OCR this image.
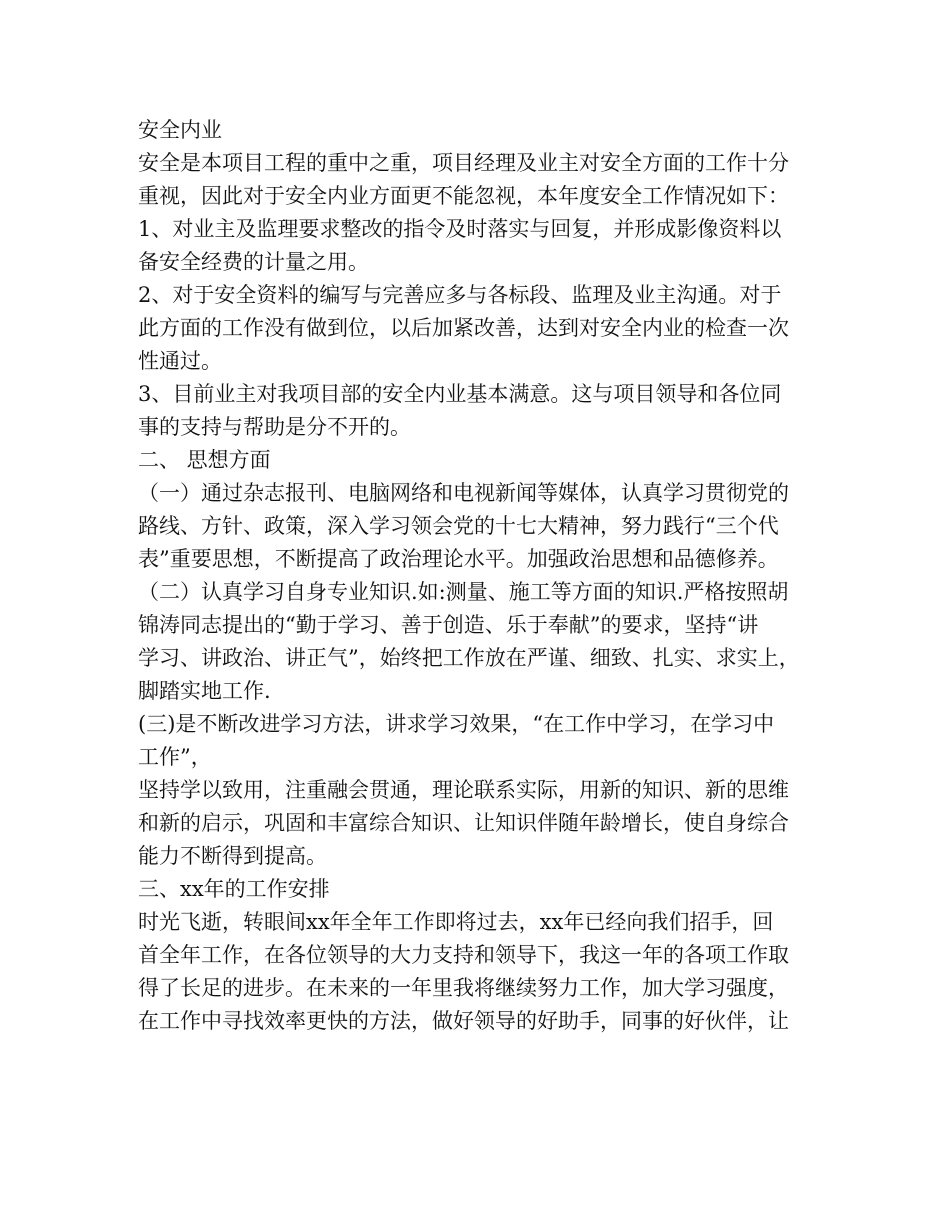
安全内业
安全是本项目工程的重中之重，项目经理及业主对安全方面的工作十分
重视，因此对于安全内业方面更不能忽视，本年度安全工作情况如下：
1、对业主及监理要求整改的指令及时落实与回复，并形成影像资料以
备安全经费的计量之用。
2、对于安全资料的编写与完善应多与各标段、监理及业主沟通。对于
此方面的工作没有做到位，以后加紧改善，达到对安全内业的检查一次
性通过。
3、目前业主对我项目部的安全内业基本满意。这与项目领导和各位同
事的支持与帮助是分不开的。
二、 思想方面
（一）通过杂志报刊、电脑网络和电视新闻等媒体，认真学习贯彻党的
路线、方针、政策，深入学习领会党的十七大精神，努力践行“三个代
表”重要思想，不断提高了政治理论水平。加强政治思想和品德修养。
（二）认真学习自身专业知识.如:测量、施工等方面的知识.严格按照胡
锦涛同志提出的“勤于学习、善于创造、乐于奉献”的要求，坚持“讲
学习、讲政治、讲正气”，始终把工作放在严谨、细致、扎实、求实上，
脚踏实地工作.
(三)是不断改进学习方法，讲求学习效果，“在工作中学习，在学习中
工作”，
坚持学以致用，注重融会贯通，理论联系实际，用新的知识、新的思维
和新的启示，巩固和丰富综合知识、让知识伴随年龄增长，使自身综合
能力不断得到提高。
三、xx年的工作安排
时光飞逝，转眼间xx年全年工作即将过去，xx年已经向我们招手，回
首全年工作，在各位领导的大力支持和领导下，我这一年的各项工作取
得了长足的进步。在未来的一年里我将继续努力工作，加大学习强度，
在工作中寻找效率更快的方法，做好领导的好助手，同事的好伙伴，让
